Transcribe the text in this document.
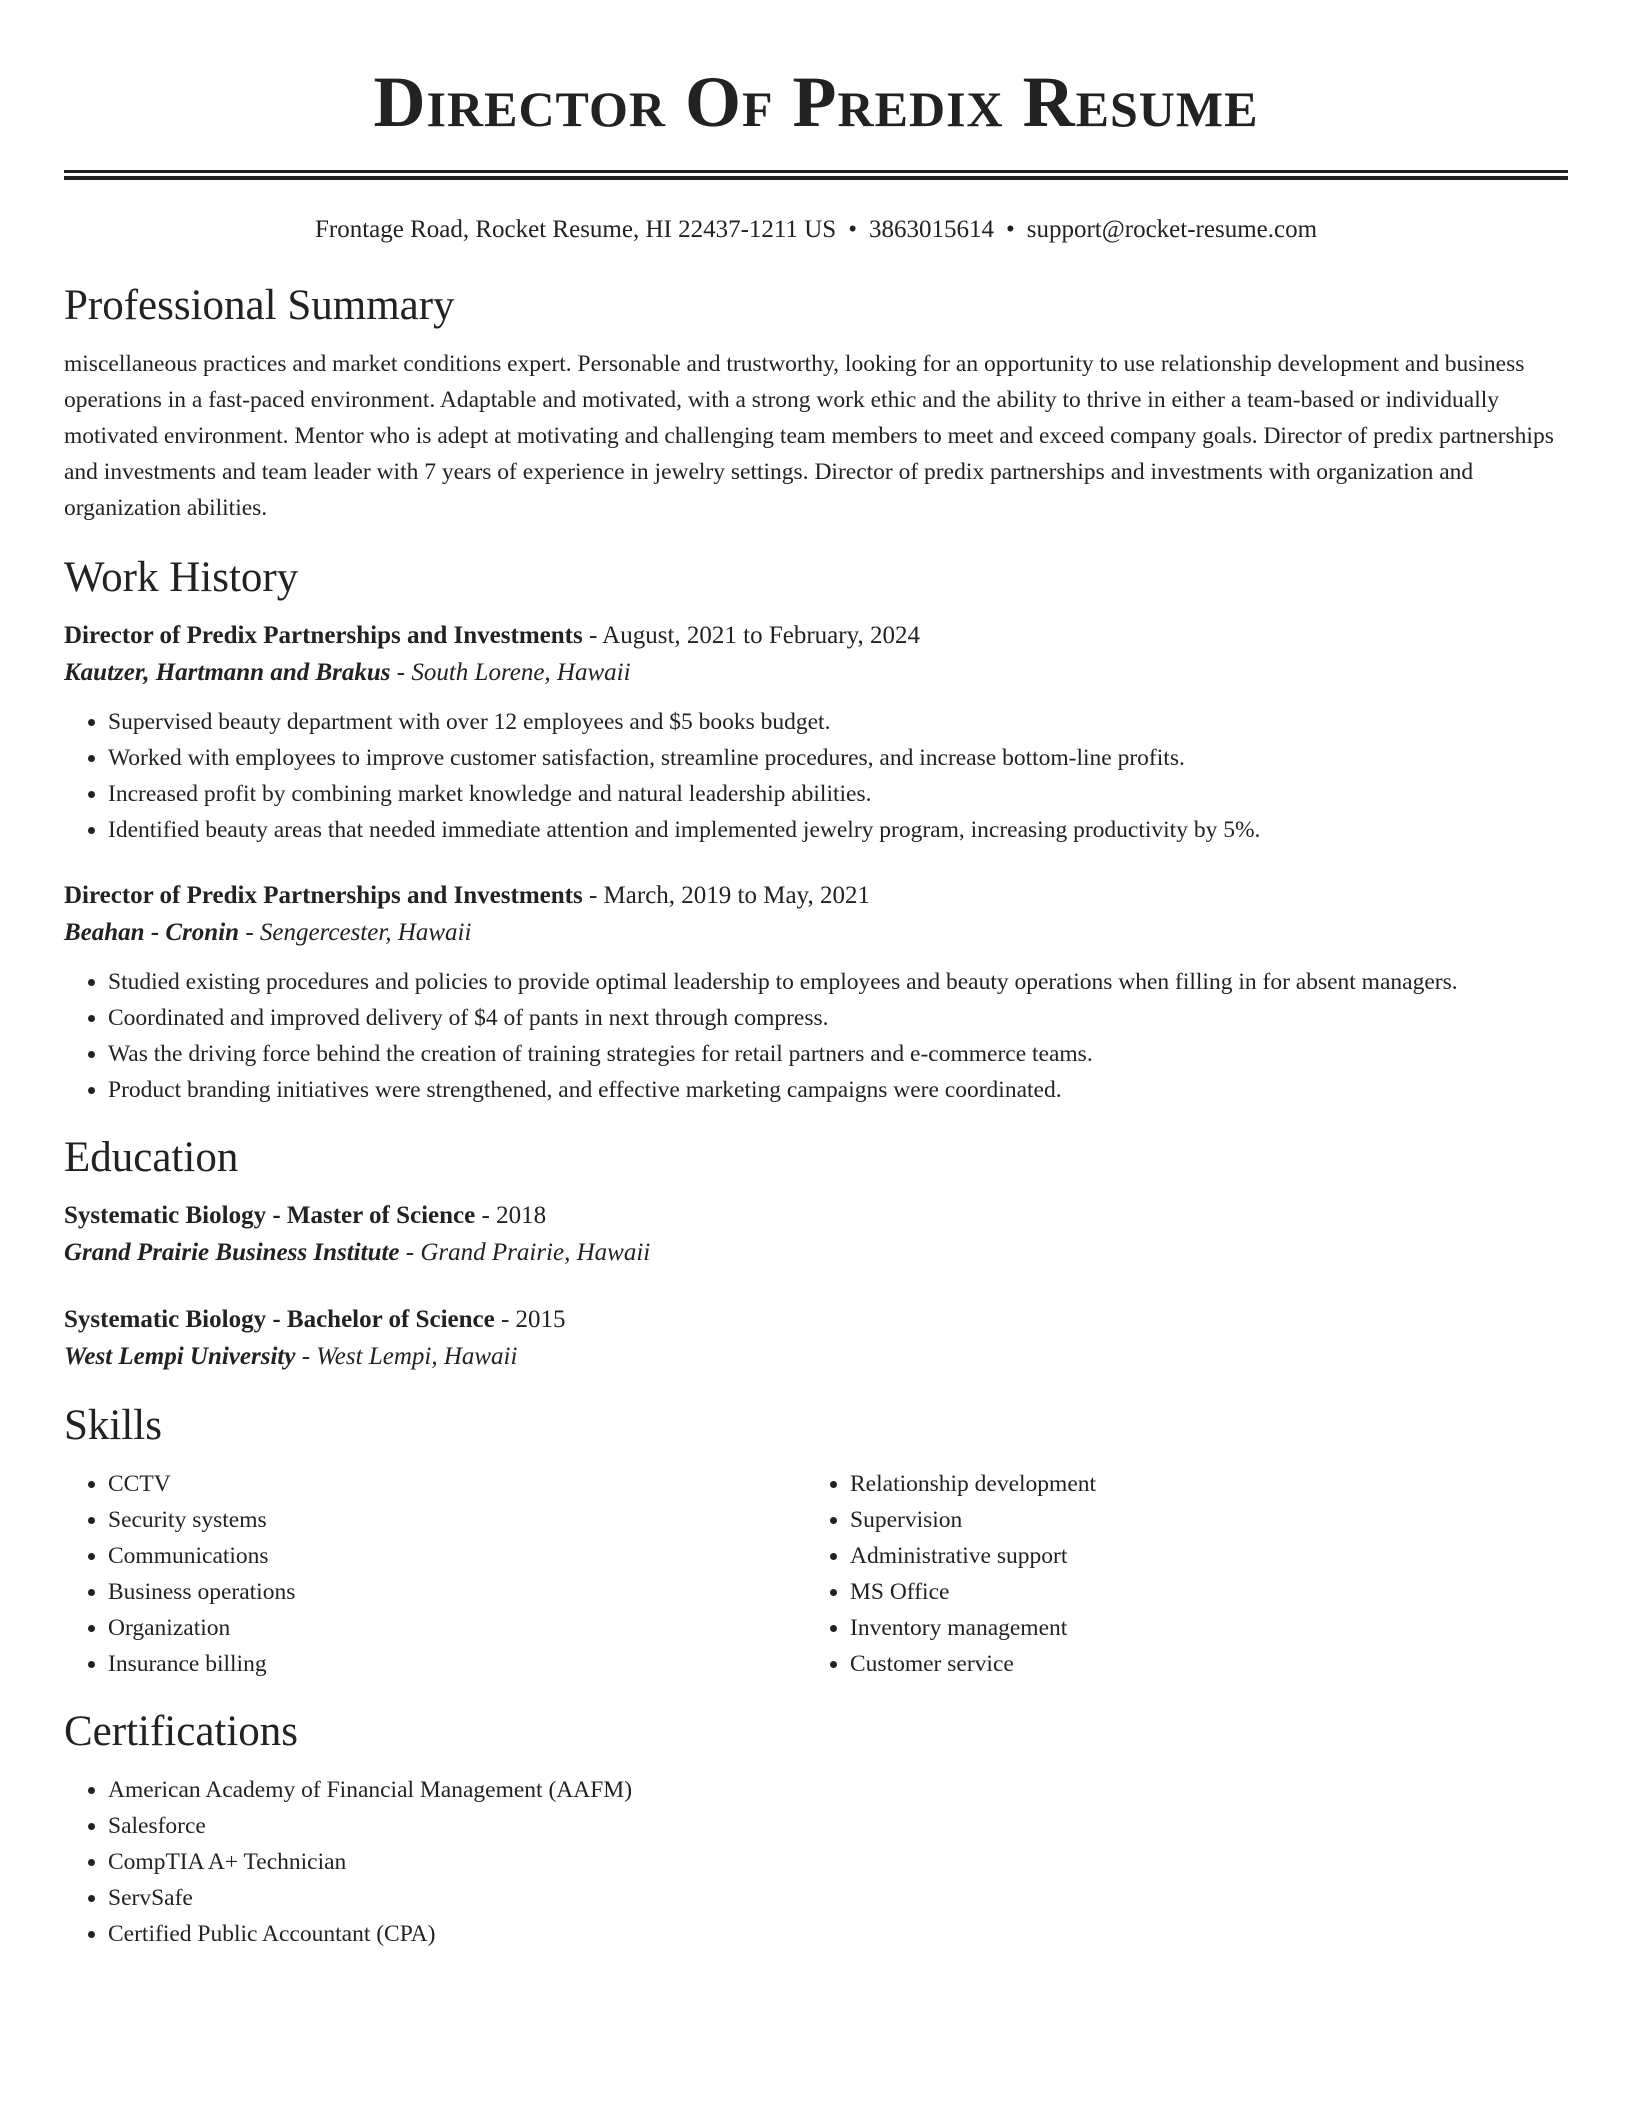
Director Of Predix Resume
Frontage Road, Rocket Resume, HI 22437-1211 US • 3863015614 • support@rocket-resume.com
Professional Summary

miscellaneous practices and market conditions expert. Personable and trustworthy, looking for an opportunity to use relationship development and business operations in a fast-paced environment. Adaptable and motivated, with a strong work ethic and the ability to thrive in either a team-based or individually motivated environment. Mentor who is adept at motivating and challenging team members to meet and exceed company goals. Director of predix partnerships and investments and team leader with 7 years of experience in jewelry settings. Director of predix partnerships and investments with organization and organization abilities.

Work History
Director of Predix Partnerships and Investments - August, 2021 to February, 2024
Kautzer, Hartmann and Brakus - South Lorene, Hawaii
• Supervised beauty department with over 12 employees and $5 books budget.
• Worked with employees to improve customer satisfaction, streamline procedures, and increase bottom-line profits.
• Increased profit by combining market knowledge and natural leadership abilities.
• Identified beauty areas that needed immediate attention and implemented jewelry program, increasing productivity by 5%.
Director of Predix Partnerships and Investments - March, 2019 to May, 2021
Beahan - Cronin - Sengercester, Hawaii
• Studied existing procedures and policies to provide optimal leadership to employees and beauty operations when filling in for absent managers.
• Coordinated and improved delivery of $4 of pants in next through compress.
• Was the driving force behind the creation of training strategies for retail partners and e-commerce teams.
• Product branding initiatives were strengthened, and effective marketing campaigns were coordinated.
Education
Systematic Biology - Master of Science - 2018
Grand Prairie Business Institute - Grand Prairie, Hawaii
Systematic Biology - Bachelor of Science - 2015
West Lempi University - West Lempi, Hawaii
Skills
• CCTV
• Security systems
• Communications
• Business operations
• Organization
• Insurance billing
• Relationship development
• Supervision
• Administrative support
• MS Office
• Inventory management
• Customer service
Certifications
• American Academy of Financial Management (AAFM)
• Salesforce
• CompTIA A+ Technician
• ServSafe
• Certified Public Accountant (CPA)
